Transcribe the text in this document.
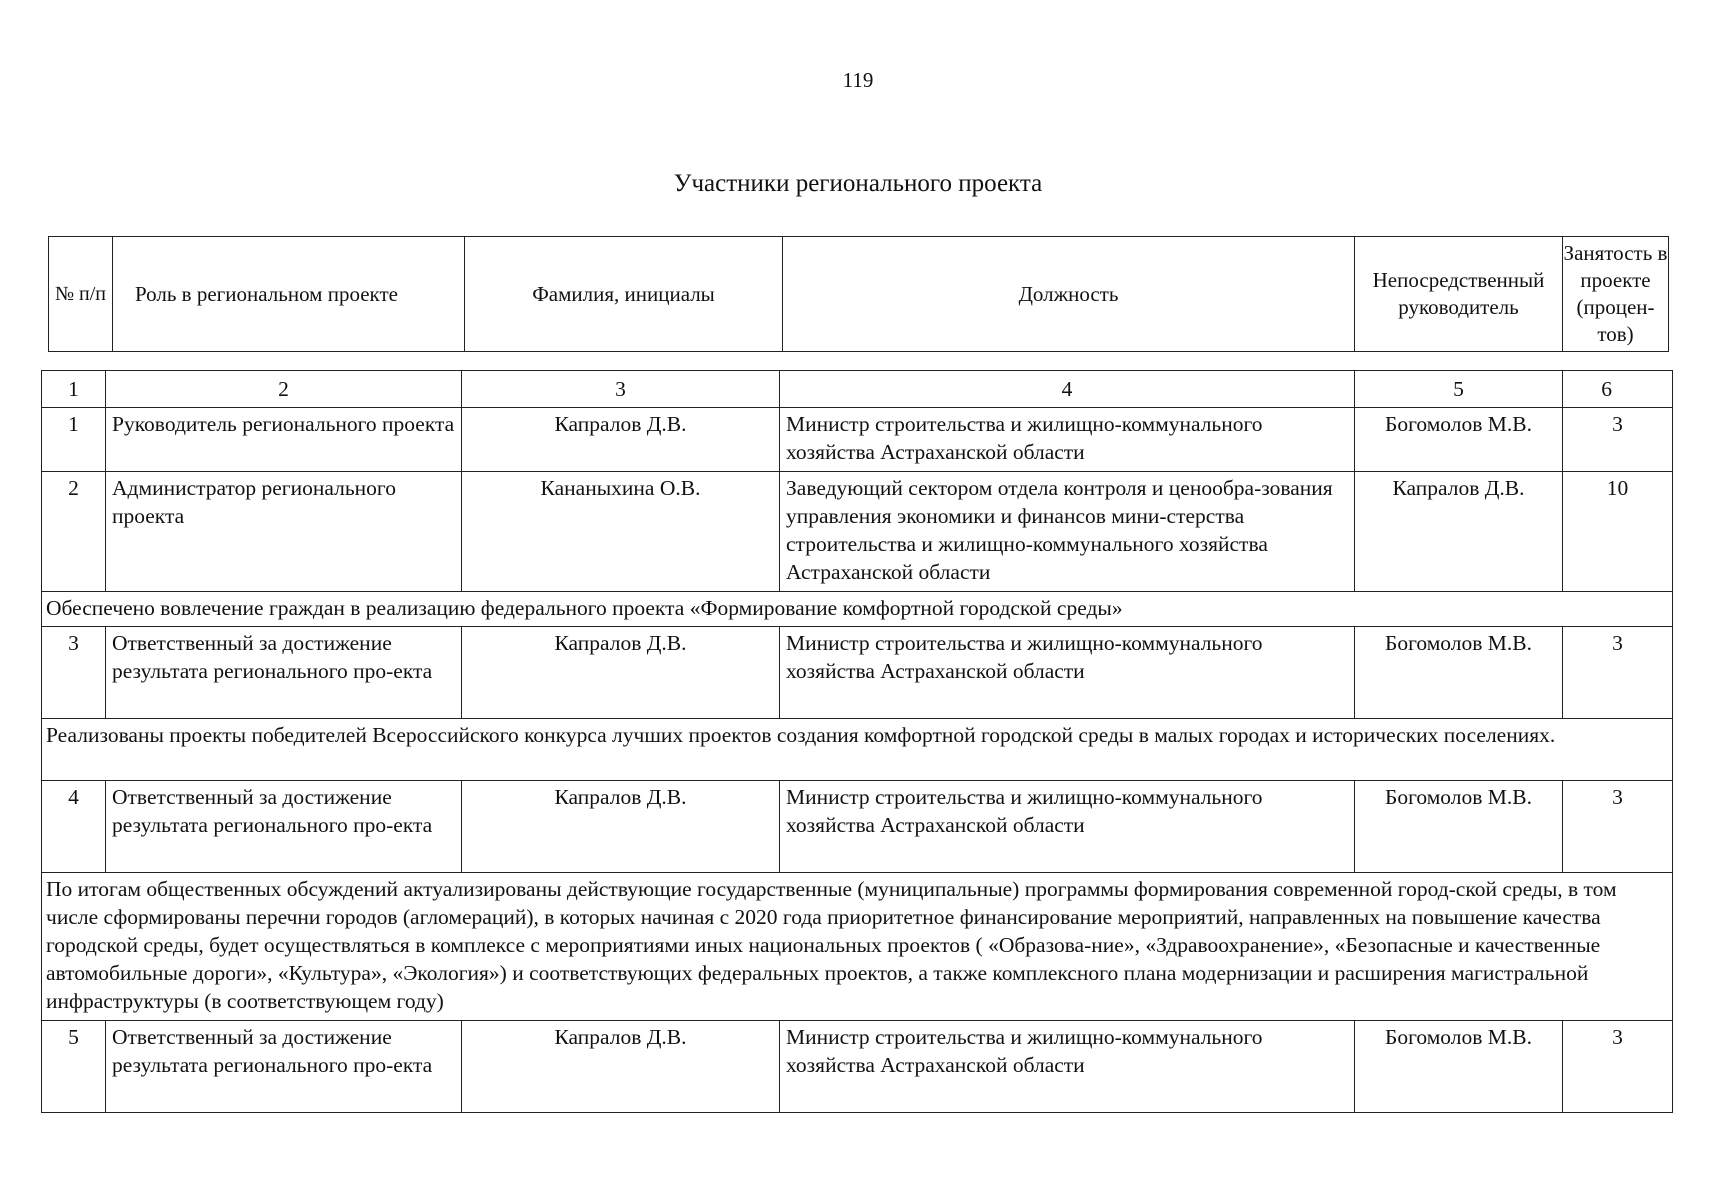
119
Участники регионального проекта
№ п/п	Роль в региональном проекте	Фамилия, инициалы	Должность	Непосредственный руководитель	Занятость в проекте (процен-тов)
1	2	3	4	5	6
1	Руководитель регионального проекта	Капралов Д.В.	Министр строительства и жилищно-коммунального хозяйства Астраханской области	Богомолов М.В.	3
2	Администратор регионального проекта	Кананыхина О.В.	Заведующий сектором отдела контроля и ценообра-зования управления экономики и финансов мини-стерства строительства и жилищно-коммунального хозяйства Астраханской области	Капралов Д.В.	10
Обеспечено вовлечение граждан в реализацию федерального проекта «Формирование комфортной городской среды»					
3	Ответственный за достижение результата регионального про-екта	Капралов Д.В.	Министр строительства и жилищно-коммунального хозяйства Астраханской области	Богомолов М.В.	3
Реализованы проекты победителей Всероссийского конкурса лучших проектов создания комфортной городской среды в малых городах и исторических поселениях.					
4	Ответственный за достижение результата регионального про-екта	Капралов Д.В.	Министр строительства и жилищно-коммунального хозяйства Астраханской области	Богомолов М.В.	3
По итогам общественных обсуждений актуализированы действующие государственные (муниципальные) программы формирования современной город-ской среды, в том числе сформированы перечни городов (агломераций), в которых начиная с 2020 года приоритетное финансирование мероприятий, направленных на повышение качества городской среды, будет осуществляться в комплексе с мероприятиями иных национальных проектов ( «Образова-ние», «Здравоохранение», «Безопасные и качественные автомобильные дороги», «Культура», «Экология») и соответствующих федеральных проектов, а также комплексного плана модернизации и расширения магистральной инфраструктуры (в соответствующем году)					
5	Ответственный за достижение результата регионального про-екта	Капралов Д.В.	Министр строительства и жилищно-коммунального хозяйства Астраханской области	Богомолов М.В.	3
